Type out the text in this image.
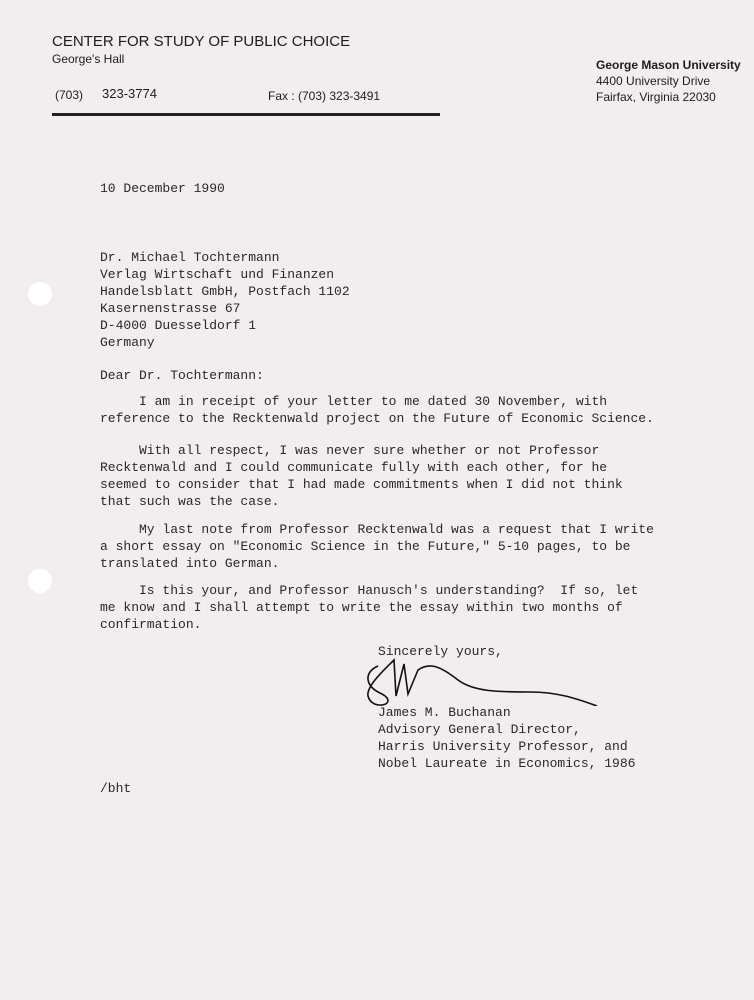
CENTER FOR STUDY OF PUBLIC CHOICE
George's Hall
(703) 323-3774	Fax : (703) 323-3491
George Mason University
4400 University Drive
Fairfax, Virginia 22030
10 December 1990

Dr. Michael Tochtermann
Verlag Wirtschaft und Finanzen
Handelsblatt GmbH, Postfach 1102
Kasernenstrasse 67
D-4000 Duesseldorf 1
Germany

Dear Dr. Tochtermann:
I am in receipt of your letter to me dated 30 November, with
reference to the Recktenwald project on the Future of Economic Science.
With all respect, I was never sure whether or not Professor
Recktenwald and I could communicate fully with each other, for he
seemed to consider that I had made commitments when I did not think
that such was the case.
My last note from Professor Recktenwald was a request that I write
a short essay on "Economic Science in the Future," 5-10 pages, to be
translated into German.
Is this your, and Professor Hanusch's understanding?  If so, let
me know and I shall attempt to write the essay within two months of
confirmation.
Sincerely yours,
James M. Buchanan
Advisory General Director,
Harris University Professor, and
Nobel Laureate in Economics, 1986
/bht
